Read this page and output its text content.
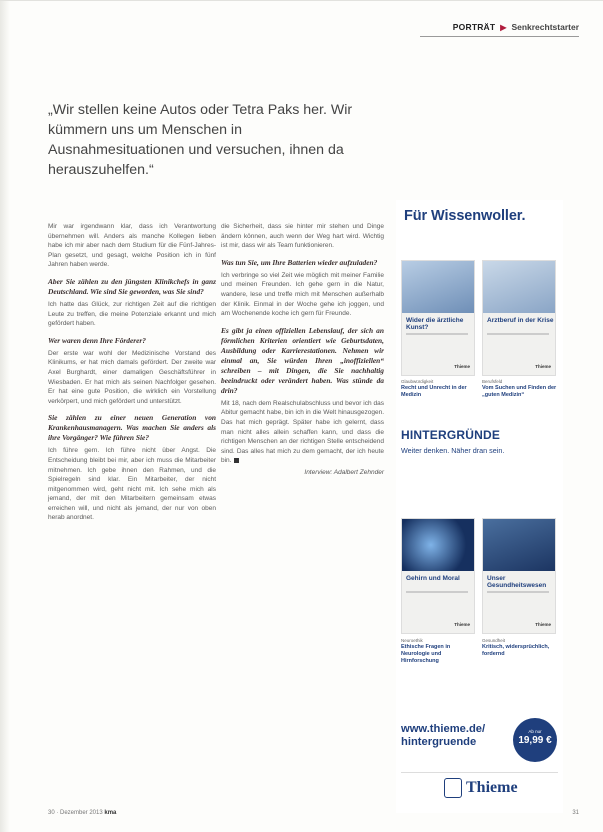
PORTRÄT ▶ Senkrechtstarter
„Wir stellen keine Autos oder Tetra Paks her. Wir kümmern uns um Menschen in Ausnahmesituationen und versuchen, ihnen da herauszuhelfen.“

Mir war irgendwann klar, dass ich Verantwortung übernehmen will. Anders als manche Kollegen lieben habe ich mir aber nach dem Studium für die Fünf-Jahres-Plan gesetzt, und gesagt, welche Position ich in fünf Jahren haben werde.

Aber Sie zählen zu den jüngsten Klinikchefs in ganz Deutschland. Wie sind Sie geworden, was Sie sind?

Ich hatte das Glück, zur richtigen Zeit auf die richtigen Leute zu treffen, die meine Potenziale erkannt und mich gefördert haben.

Wer waren denn Ihre Förderer?

Der erste war wohl der Medizinische Vorstand des Klinikums, er hat mich damals gefördert. Der zweite war Axel Burghardt, einer damaligen Geschäftsführer in Wiesbaden. Er hat mich als seinen Nachfolger gesehen. Er hat eine gute Position, die wirklich ein Vorstellung verkörpert, und mich gefördert und unterstützt.

Sie zählen zu einer neuen Generation von Krankenhausmanagern. Was machen Sie anders als ihre Vorgänger? Wie führen Sie?

Ich führe gern. Ich führe nicht über Angst. Die Entscheidung bleibt bei mir, aber ich muss die Mitarbeiter mitnehmen. Ich gebe ihnen den Rahmen, und die Spielregeln sind klar. Ein Mitarbeiter, der nicht mitgenommen wird, geht nicht mit. Ich sehe mich als jemand, der mit den Mitarbeitern gemeinsam etwas erreichen will, und nicht als jemand, der nur von oben herab anordnet.

die Sicherheit, dass sie hinter mir stehen und Dinge ändern können, auch wenn der Weg hart wird. Wichtig ist mir, dass wir als Team funktionieren.

Was tun Sie, um Ihre Batterien wieder aufzuladen?

Ich verbringe so viel Zeit wie möglich mit meiner Familie und meinen Freunden. Ich gehe gern in die Natur, wandere, lese und treffe mich mit Menschen außerhalb der Klinik. Einmal in der Woche gehe ich joggen, und am Wochenende koche ich gern für Freunde.

Es gibt ja einen offiziellen Lebenslauf, der sich an förmlichen Kriterien orientiert wie Geburtsdaten, Ausbildung oder Karrierestationen. Nehmen wir einmal an, Sie würden Ihren „inoffiziellen“ schreiben – mit Dingen, die Sie nachhaltig beeindruckt oder verändert haben. Was stünde da drin?

Mit 18, nach dem Realschulabschluss und bevor ich das Abitur gemacht habe, bin ich in die Welt hinausgezogen. Das hat mich geprägt. Später habe ich gelernt, dass man nicht alles allein schaffen kann, und dass die richtigen Menschen an der richtigen Stelle entscheidend sind. Das alles hat mich zu dem gemacht, der ich heute bin.

Interview: Adalbert Zehnder

Für Wissenwoller.
Wider die ärztliche Kunst?
Thieme
Arztberuf in der Krise
Thieme
Glaubwürdigkeit
Recht und Unrecht in der Medizin
Berufsfeld
Vom Suchen und Finden der „guten Medizin“
HINTERGRÜNDE
Weiter denken. Näher dran sein.
Gehirn und Moral
Thieme
Unser Gesundheitswesen
Thieme
Neuroethik
Ethische Fragen in Neurologie und Hirnforschung
Gesundheit
Kritisch, widersprüchlich, fordernd
www.thieme.de/
hintergruende
Ab nur
19,99 €
Thieme
30 · Dezember 2013 kma	31
